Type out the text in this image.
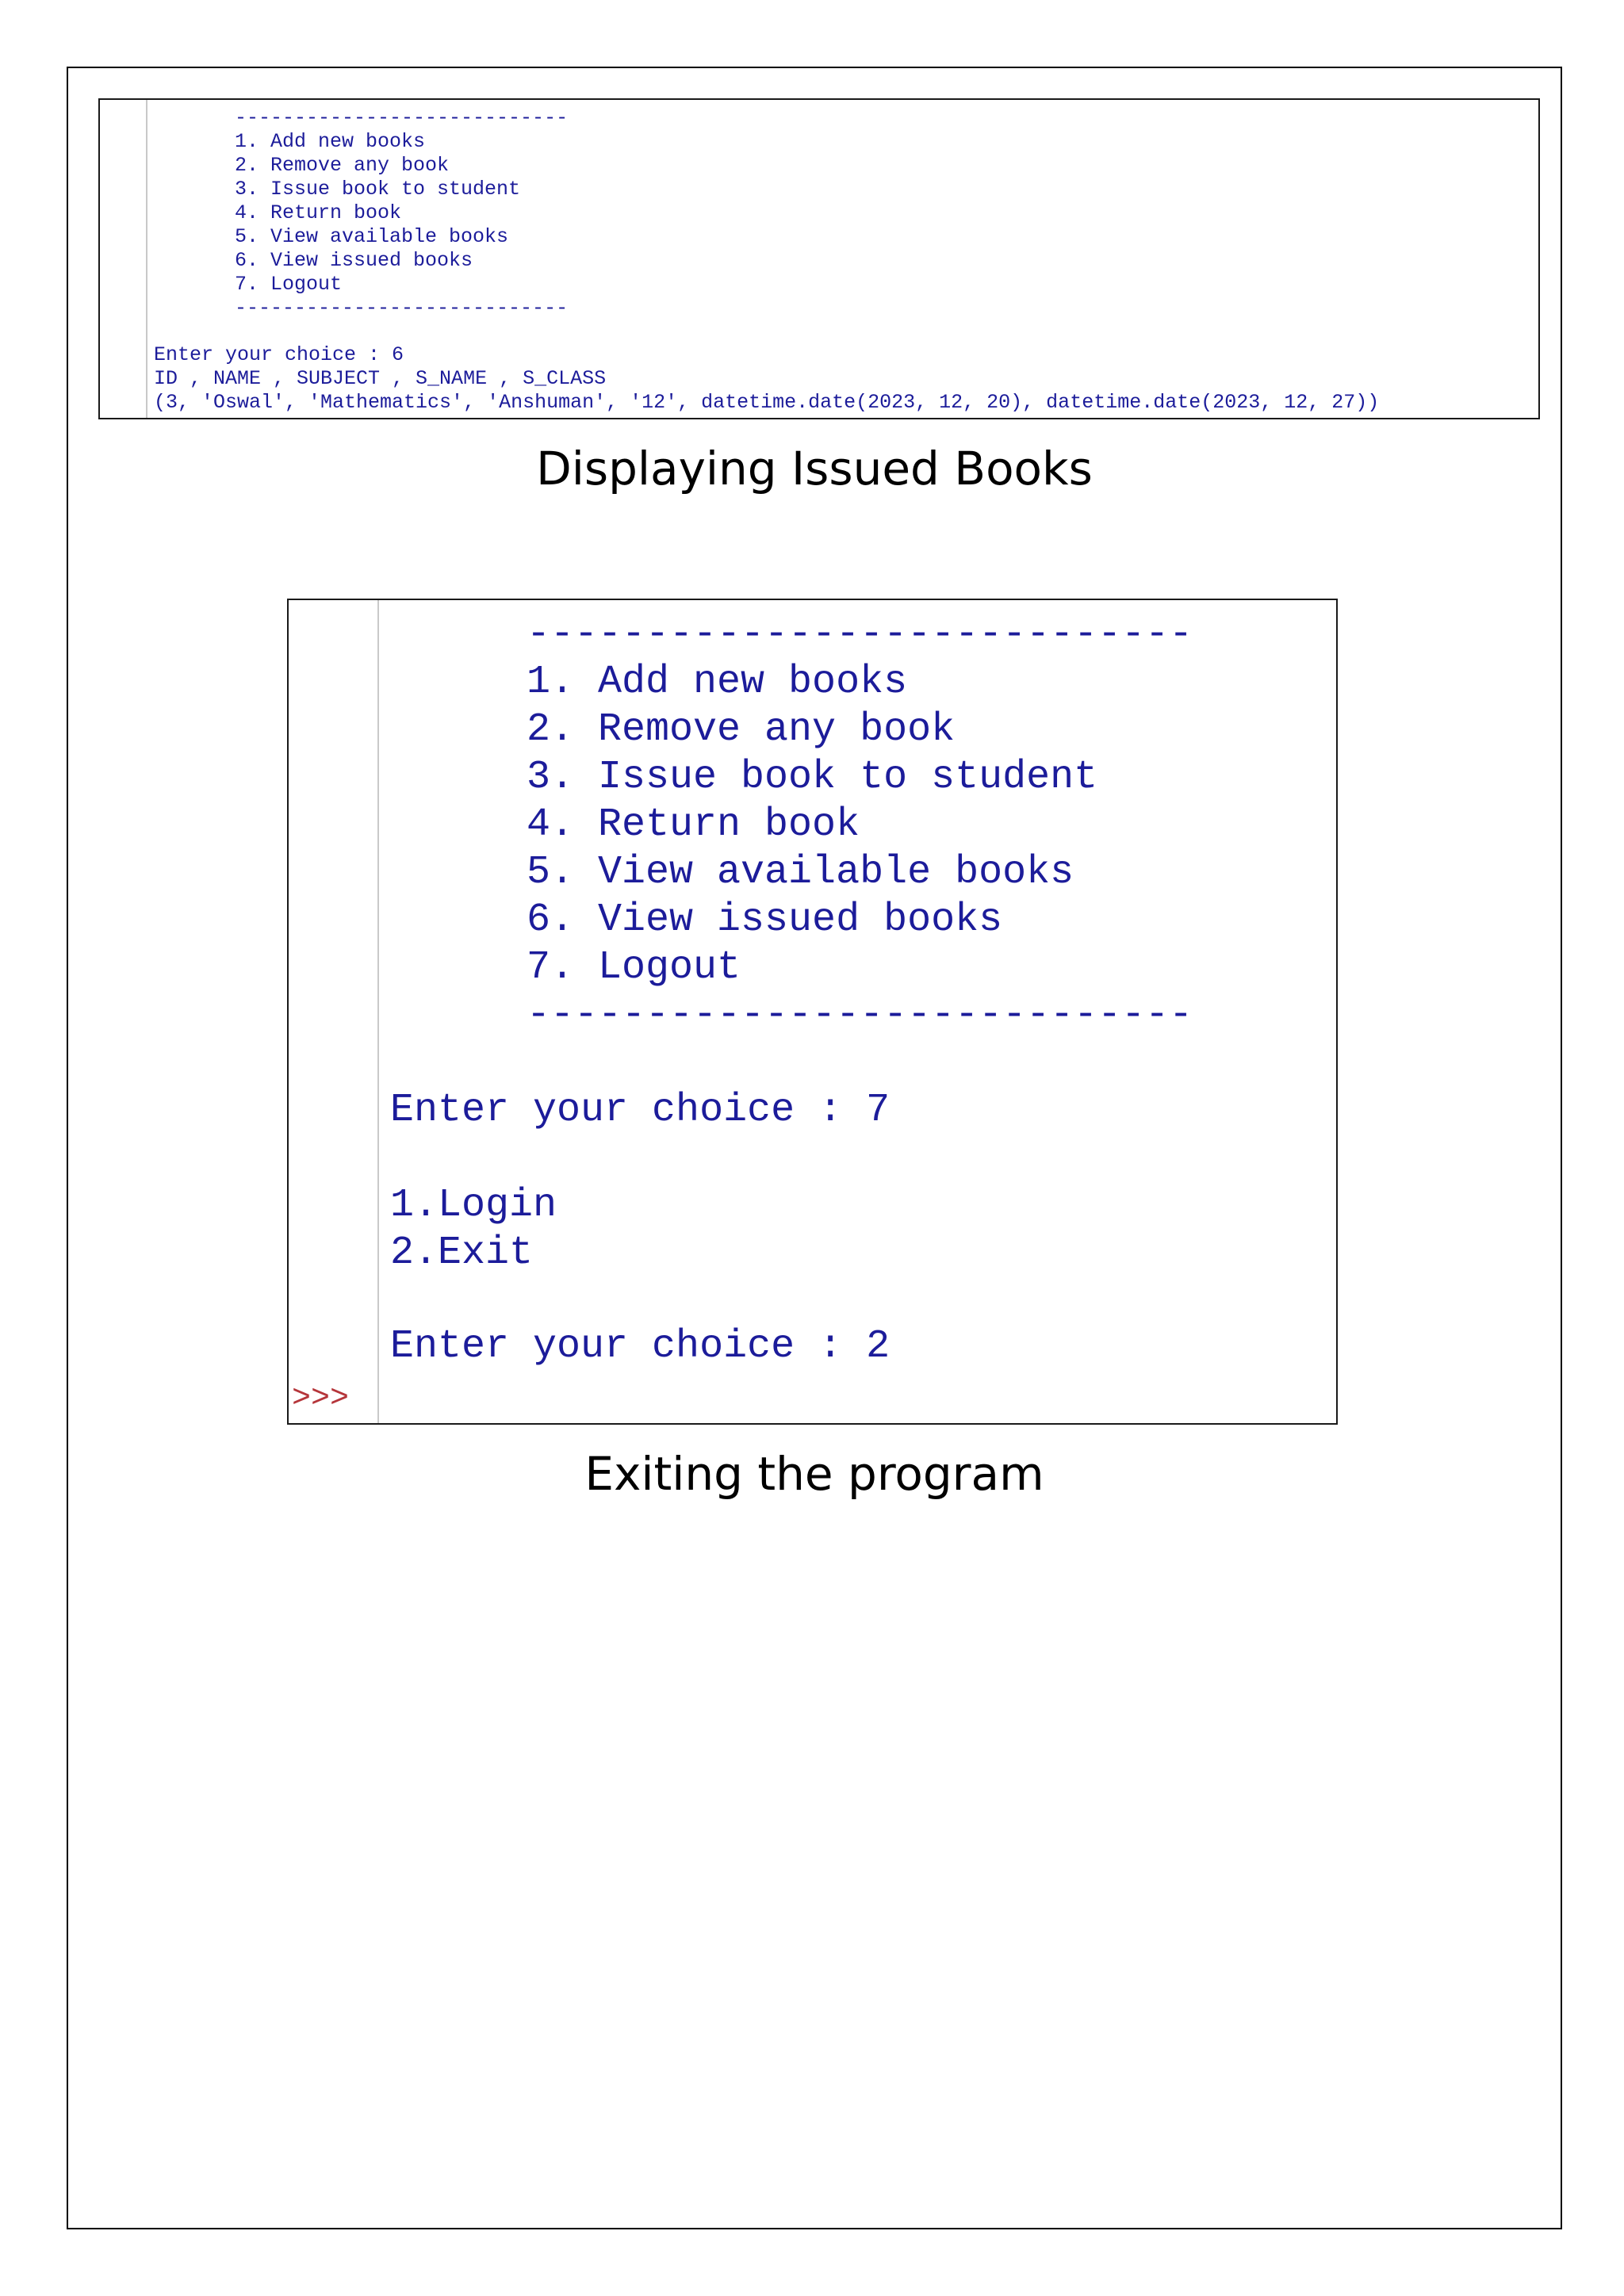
----------------------------
1. Add new books
2. Remove any book
3. Issue book to student
4. Return book
5. View available books
6. View issued books
7. Logout
----------------------------
Enter your choice : 6
ID , NAME , SUBJECT , S_NAME , S_CLASS
(3, 'Oswal', 'Mathematics', 'Anshuman', '12', datetime.date(2023, 12, 20), datetime.date(2023, 12, 27))
Displaying Issued Books
----------------------------
1. Add new books
2. Remove any book
3. Issue book to student
4. Return book
5. View available books
6. View issued books
7. Logout
----------------------------
Enter your choice : 7
1.Login
2.Exit
Enter your choice : 2
>>>
Exiting the program
